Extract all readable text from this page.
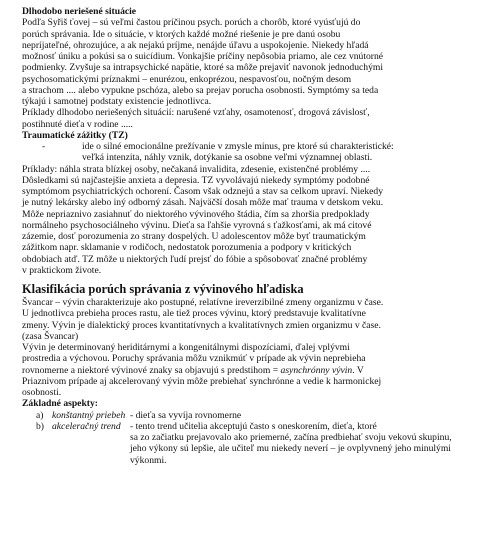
Dlhodobo neriešené situácie

Podľa Syřiš ťovej – sú veľmi častou príčinou psych. porúch a chorôb, ktoré vyúsťujú do

porúch správania. Ide o situácie, v ktorých každé možné riešenie je pre danú osobu

nepríjateľné, ohrozujúce, a ak nejakú príjme, nenájde úľavu a uspokojenie. Niekedy hľadá

možnosť úniku a pokúsi sa o suicídium. Vonkajšie príčiny nepôsobia priamo, ale cez vnútorné

podmienky. Zvyšuje sa intrapsychické napätie, ktoré sa môže prejaviť navonok jednoduchými

psychosomatickými príznakmi – enurézou, enkoprézou, nespavosťou, nočným desom

a strachom .... alebo vypukne pschóza, alebo sa prejav porucha osobnosti. Symptómy sa teda

týkajú i samotnej podstaty existencie jednotlivca.

Príklady dlhodobo neriešených situácií: narušené vzťahy, osamotenosť, drogová závislosť,

postihnuté dieťa v rodine .....

Traumatické zážitky (TZ)

-	ide o silné emocionálne prežívanie v zmysle mínus, pre ktoré sú charakteristické:
veľká intenzita, náhly vznik, dotýkanie sa osobne veľmi významnej oblasti.

Príklady: náhla strata blízkej osoby, nečakaná invalidita, zdesenie, existenčné problémy ....

Dôsledkami sú najčastejšie anxieta a depresia. TZ vyvolávajú niekedy symptómy podobné

symptómom psychiatrických ochorení. Časom však odznejú a stav sa celkom upraví. Niekedy

je nutný lekársky alebo iný odborný zásah. Najväčší dosah môže mať trauma v detskom veku.

Môže nepriaznivo zasiahnuť do niektorého vývinového štádia, čím sa zhoršia predpoklady

normálneho psychosociálneho vývinu. Dieťa sa ľahšie vyrovná s ťažkosťami, ak má citové

zázemie, dosť porozumenia zo strany dospelých. U adolescentov môže byť traumatickým

zážitkom napr. sklamanie v rodičoch, nedostatok porozumenia a podpory v kritických

obdobiach atď. TZ môže u niektorých ľudí prejsť do fóbie a spôsobovať značné problémy

v praktickom živote.

Klasifikácia porúch správania z vývinového hľadiska

Švancar – vývin charakterizuje ako postupné, relatívne ireverzibilné zmeny organizmu v čase.

U jednotlivca prebieha proces rastu, ale tiež proces vývinu, ktorý predstavuje kvalitatívne

zmeny. Vývin je dialektický proces kvantitatívnych a kvalitatívnych zmien organizmu v čase.

(zasa Švancar)

Vývin je determinovaný heriditárnymi a kongenitálnymi dispozíciami, ďalej vplývmi

prostredia a výchovou. Poruchy správania môžu vznikmúť v prípade ak vývin neprebieha

rovnomerne a niektoré vývinové znaky sa objavujú s predstihom = asynchrónny vývin. V

Priaznivom prípade aj akcelerovaný vývin môže prebiehať synchrónne a vedie k harmonickej

osobnosti.

Základné aspekty:

a) konštantný priebeh - dieťa sa vyvíja rovnomerne
b) akceleračný trend - tento trend učitelia akceptujú často s oneskorením, dieťa, ktoré

sa zo začiatku prejavovalo ako priemerné, začína predbiehať svoju vekovú skupinu,

jeho výkony sú lepšie, ale učiteľ mu niekedy neverí – je ovplyvnený jeho minulými

výkonmi.
